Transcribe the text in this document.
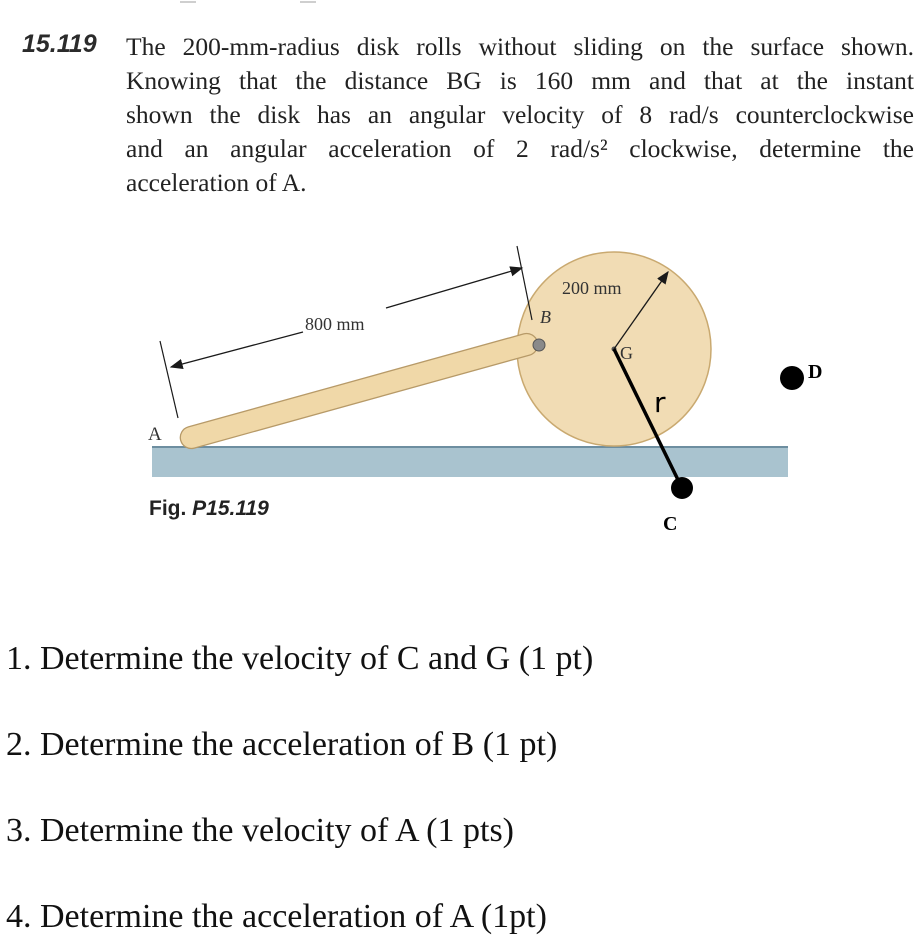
15.119 The 200-mm-radius disk rolls without sliding on the surface shown.
Knowing that the distance BG is 160 mm and that at the instant
shown the disk has an angular velocity of 8 rad/s counterclockwise
and an angular acceleration of 2 rad/s² clockwise, determine the
acceleration of A.
A
B
G
r
C
D
800 mm
200 mm
Fig. P15.119
1. Determine the velocity of C and G (1 pt)
2. Determine the acceleration of B (1 pt)
3. Determine the velocity of A (1 pts)
4. Determine the acceleration of A (1pt)
